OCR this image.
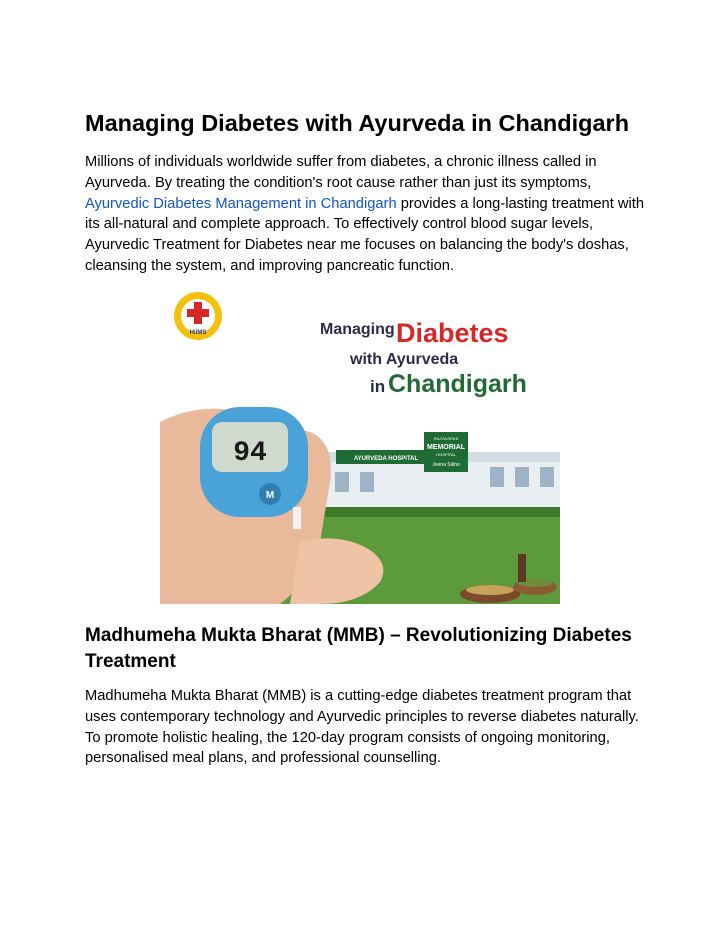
Managing Diabetes with Ayurveda in Chandigarh

Millions of individuals worldwide suffer from diabetes, a chronic illness called in Ayurveda. By treating the condition's root cause rather than just its symptoms, Ayurvedic Diabetes Management in Chandigarh provides a long-lasting treatment with its all-natural and complete approach. To effectively control blood sugar levels, Ayurvedic Treatment for Diabetes near me focuses on balancing the body's doshas, cleansing the system, and improving pancreatic function.

HiiMS	Managing Diabetes
with Ayurveda
in Chandigarh
AYURVEDA HOSPITAL
RAJYA RISHI
MEMORIAL
HOSPITAL
Jeena Sikho
94
M
Madhumeha Mukta Bharat (MMB) – Revolutionizing Diabetes Treatment

Madhumeha Mukta Bharat (MMB) is a cutting-edge diabetes treatment program that uses contemporary technology and Ayurvedic principles to reverse diabetes naturally. To promote holistic healing, the 120-day program consists of ongoing monitoring, personalised meal plans, and professional counselling.
